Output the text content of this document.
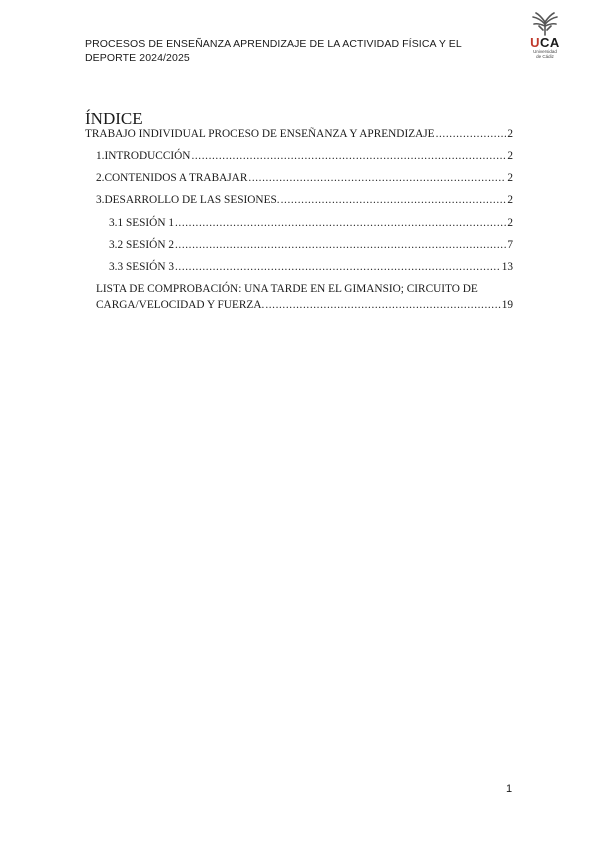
PROCESOS DE ENSEÑANZA APRENDIZAJE DE LA ACTIVIDAD FÍSICA Y EL DEPORTE 2024/2025
UCA
Universidad
de Cádiz
ÍNDICE
TRABAJO INDIVIDUAL PROCESO DE ENSEÑANZA Y APRENDIZAJE .....	2
1.INTRODUCCIÓN .....	2
2.CONTENIDOS A TRABAJAR .....	2
3.DESARROLLO DE LAS SESIONES. .....	2
3.1 SESIÓN 1 .....	2
3.2 SESIÓN 2 .....	7
3.3 SESIÓN 3 .....	13
LISTA DE COMPROBACIÓN: UNA TARDE EN EL GIMANSIO; CIRCUITO DE
CARGA/VELOCIDAD Y FUERZA. .....	19
1
